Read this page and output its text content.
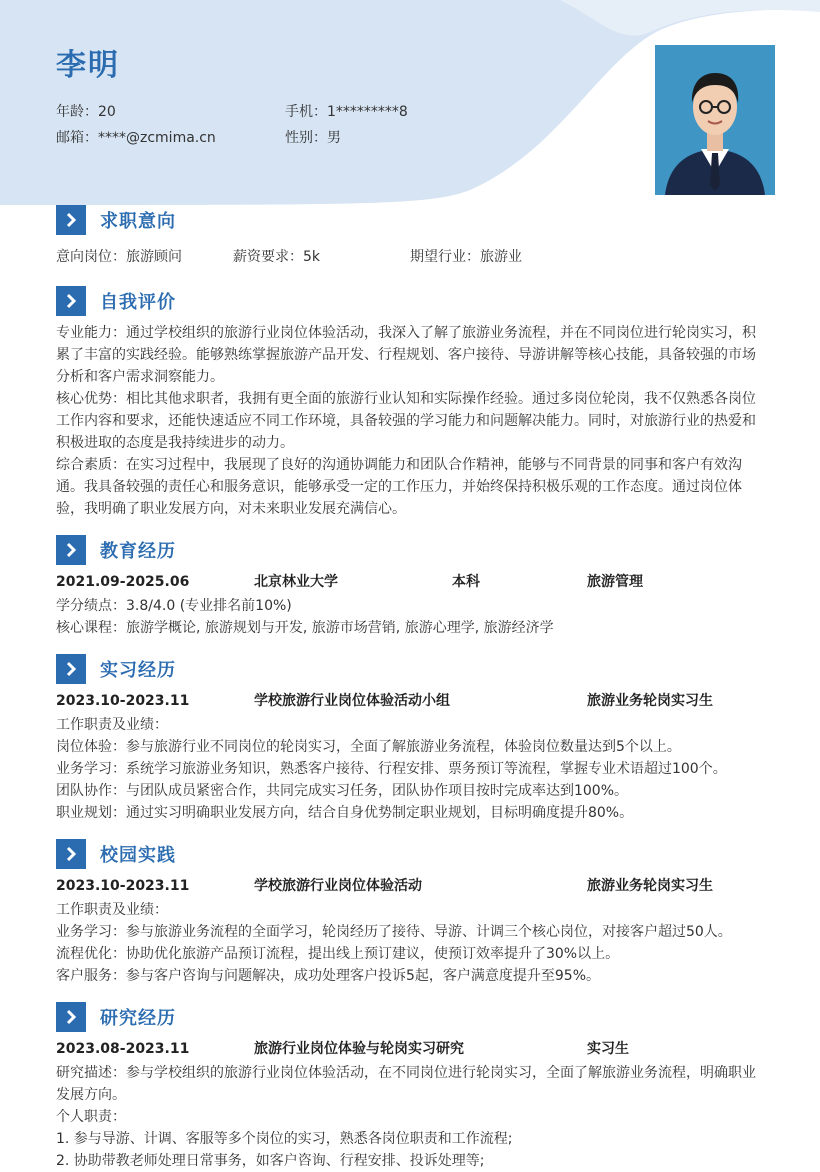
李明
年龄：20	手机：1*********8
邮箱：****@zcmima.cn	性别：男
求职意向
意向岗位：旅游顾问	薪资要求：5k	期望行业：旅游业
自我评价
专业能力：通过学校组织的旅游行业岗位体验活动，我深入了解了旅游业务流程，并在不同岗位进行轮岗实习，积累了丰富的实践经验。能够熟练掌握旅游产品开发、行程规划、客户接待、导游讲解等核心技能，具备较强的市场分析和客户需求洞察能力。
核心优势：相比其他求职者，我拥有更全面的旅游行业认知和实际操作经验。通过多岗位轮岗，我不仅熟悉各岗位工作内容和要求，还能快速适应不同工作环境，具备较强的学习能力和问题解决能力。同时，对旅游行业的热爱和积极进取的态度是我持续进步的动力。
综合素质：在实习过程中，我展现了良好的沟通协调能力和团队合作精神，能够与不同背景的同事和客户有效沟通。我具备较强的责任心和服务意识，能够承受一定的工作压力，并始终保持积极乐观的工作态度。通过岗位体验，我明确了职业发展方向，对未来职业发展充满信心。
教育经历
2021.09-2025.06	北京林业大学	本科	旅游管理
学分绩点：3.8/4.0 (专业排名前10%)
核心课程：旅游学概论, 旅游规划与开发, 旅游市场营销, 旅游心理学, 旅游经济学
实习经历
2023.10-2023.11	学校旅游行业岗位体验活动小组	旅游业务轮岗实习生
工作职责及业绩：
岗位体验：参与旅游行业不同岗位的轮岗实习，全面了解旅游业务流程，体验岗位数量达到5个以上。
业务学习：系统学习旅游业务知识，熟悉客户接待、行程安排、票务预订等流程，掌握专业术语超过100个。
团队协作：与团队成员紧密合作，共同完成实习任务，团队协作项目按时完成率达到100%。
职业规划：通过实习明确职业发展方向，结合自身优势制定职业规划，目标明确度提升80%。
校园实践
2023.10-2023.11	学校旅游行业岗位体验活动	旅游业务轮岗实习生
工作职责及业绩：
业务学习：参与旅游业务流程的全面学习，轮岗经历了接待、导游、计调三个核心岗位，对接客户超过50人。
流程优化：协助优化旅游产品预订流程，提出线上预订建议，使预订效率提升了30%以上。
客户服务：参与客户咨询与问题解决，成功处理客户投诉5起，客户满意度提升至95%。
研究经历
2023.08-2023.11	旅游行业岗位体验与轮岗实习研究	实习生
研究描述：参与学校组织的旅游行业岗位体验活动，在不同岗位进行轮岗实习，全面了解旅游业务流程，明确职业发展方向。
个人职责：
1. 参与导游、计调、客服等多个岗位的实习，熟悉各岗位职责和工作流程;
2. 协助带教老师处理日常事务，如客户咨询、行程安排、投诉处理等;
